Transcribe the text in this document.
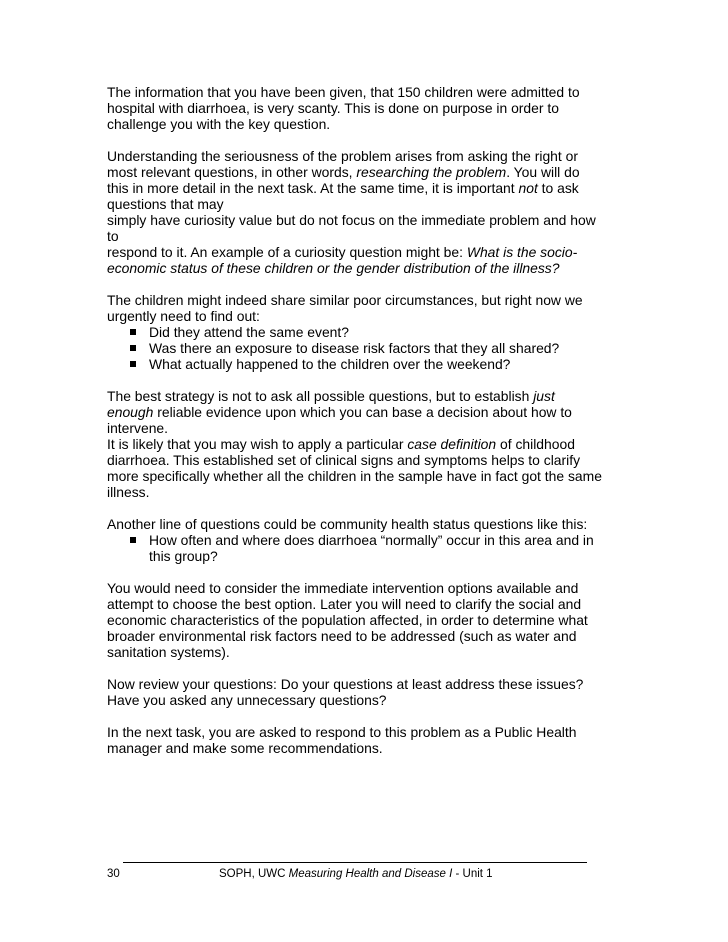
The information that you have been given, that 150 children were admitted to
hospital with diarrhoea, is very scanty. This is done on purpose in order to
challenge you with the key question.

Understanding the seriousness of the problem arises from asking the right or
most relevant questions, in other words, researching the problem. You will do
this in more detail in the next task. At the same time, it is important not to ask
questions that may
simply have curiosity value but do not focus on the immediate problem and how
to
respond to it. An example of a curiosity question might be: What is the socio-
economic status of these children or the gender distribution of the illness?

The children might indeed share similar poor circumstances, but right now we
urgently need to find out:

Did they attend the same event?
Was there an exposure to disease risk factors that they all shared?
What actually happened to the children over the weekend?

The best strategy is not to ask all possible questions, but to establish just
enough reliable evidence upon which you can base a decision about how to
intervene.
It is likely that you may wish to apply a particular case definition of childhood
diarrhoea. This established set of clinical signs and symptoms helps to clarify
more specifically whether all the children in the sample have in fact got the same
illness.

Another line of questions could be community health status questions like this:

How often and where does diarrhoea “normally” occur in this area and in
this group?

You would need to consider the immediate intervention options available and
attempt to choose the best option. Later you will need to clarify the social and
economic characteristics of the population affected, in order to determine what
broader environmental risk factors need to be addressed (such as water and
sanitation systems).

Now review your questions: Do your questions at least address these issues?
Have you asked any unnecessary questions?

In the next task, you are asked to respond to this problem as a Public Health
manager and make some recommendations.

30	SOPH, UWC Measuring Health and Disease I - Unit 1
